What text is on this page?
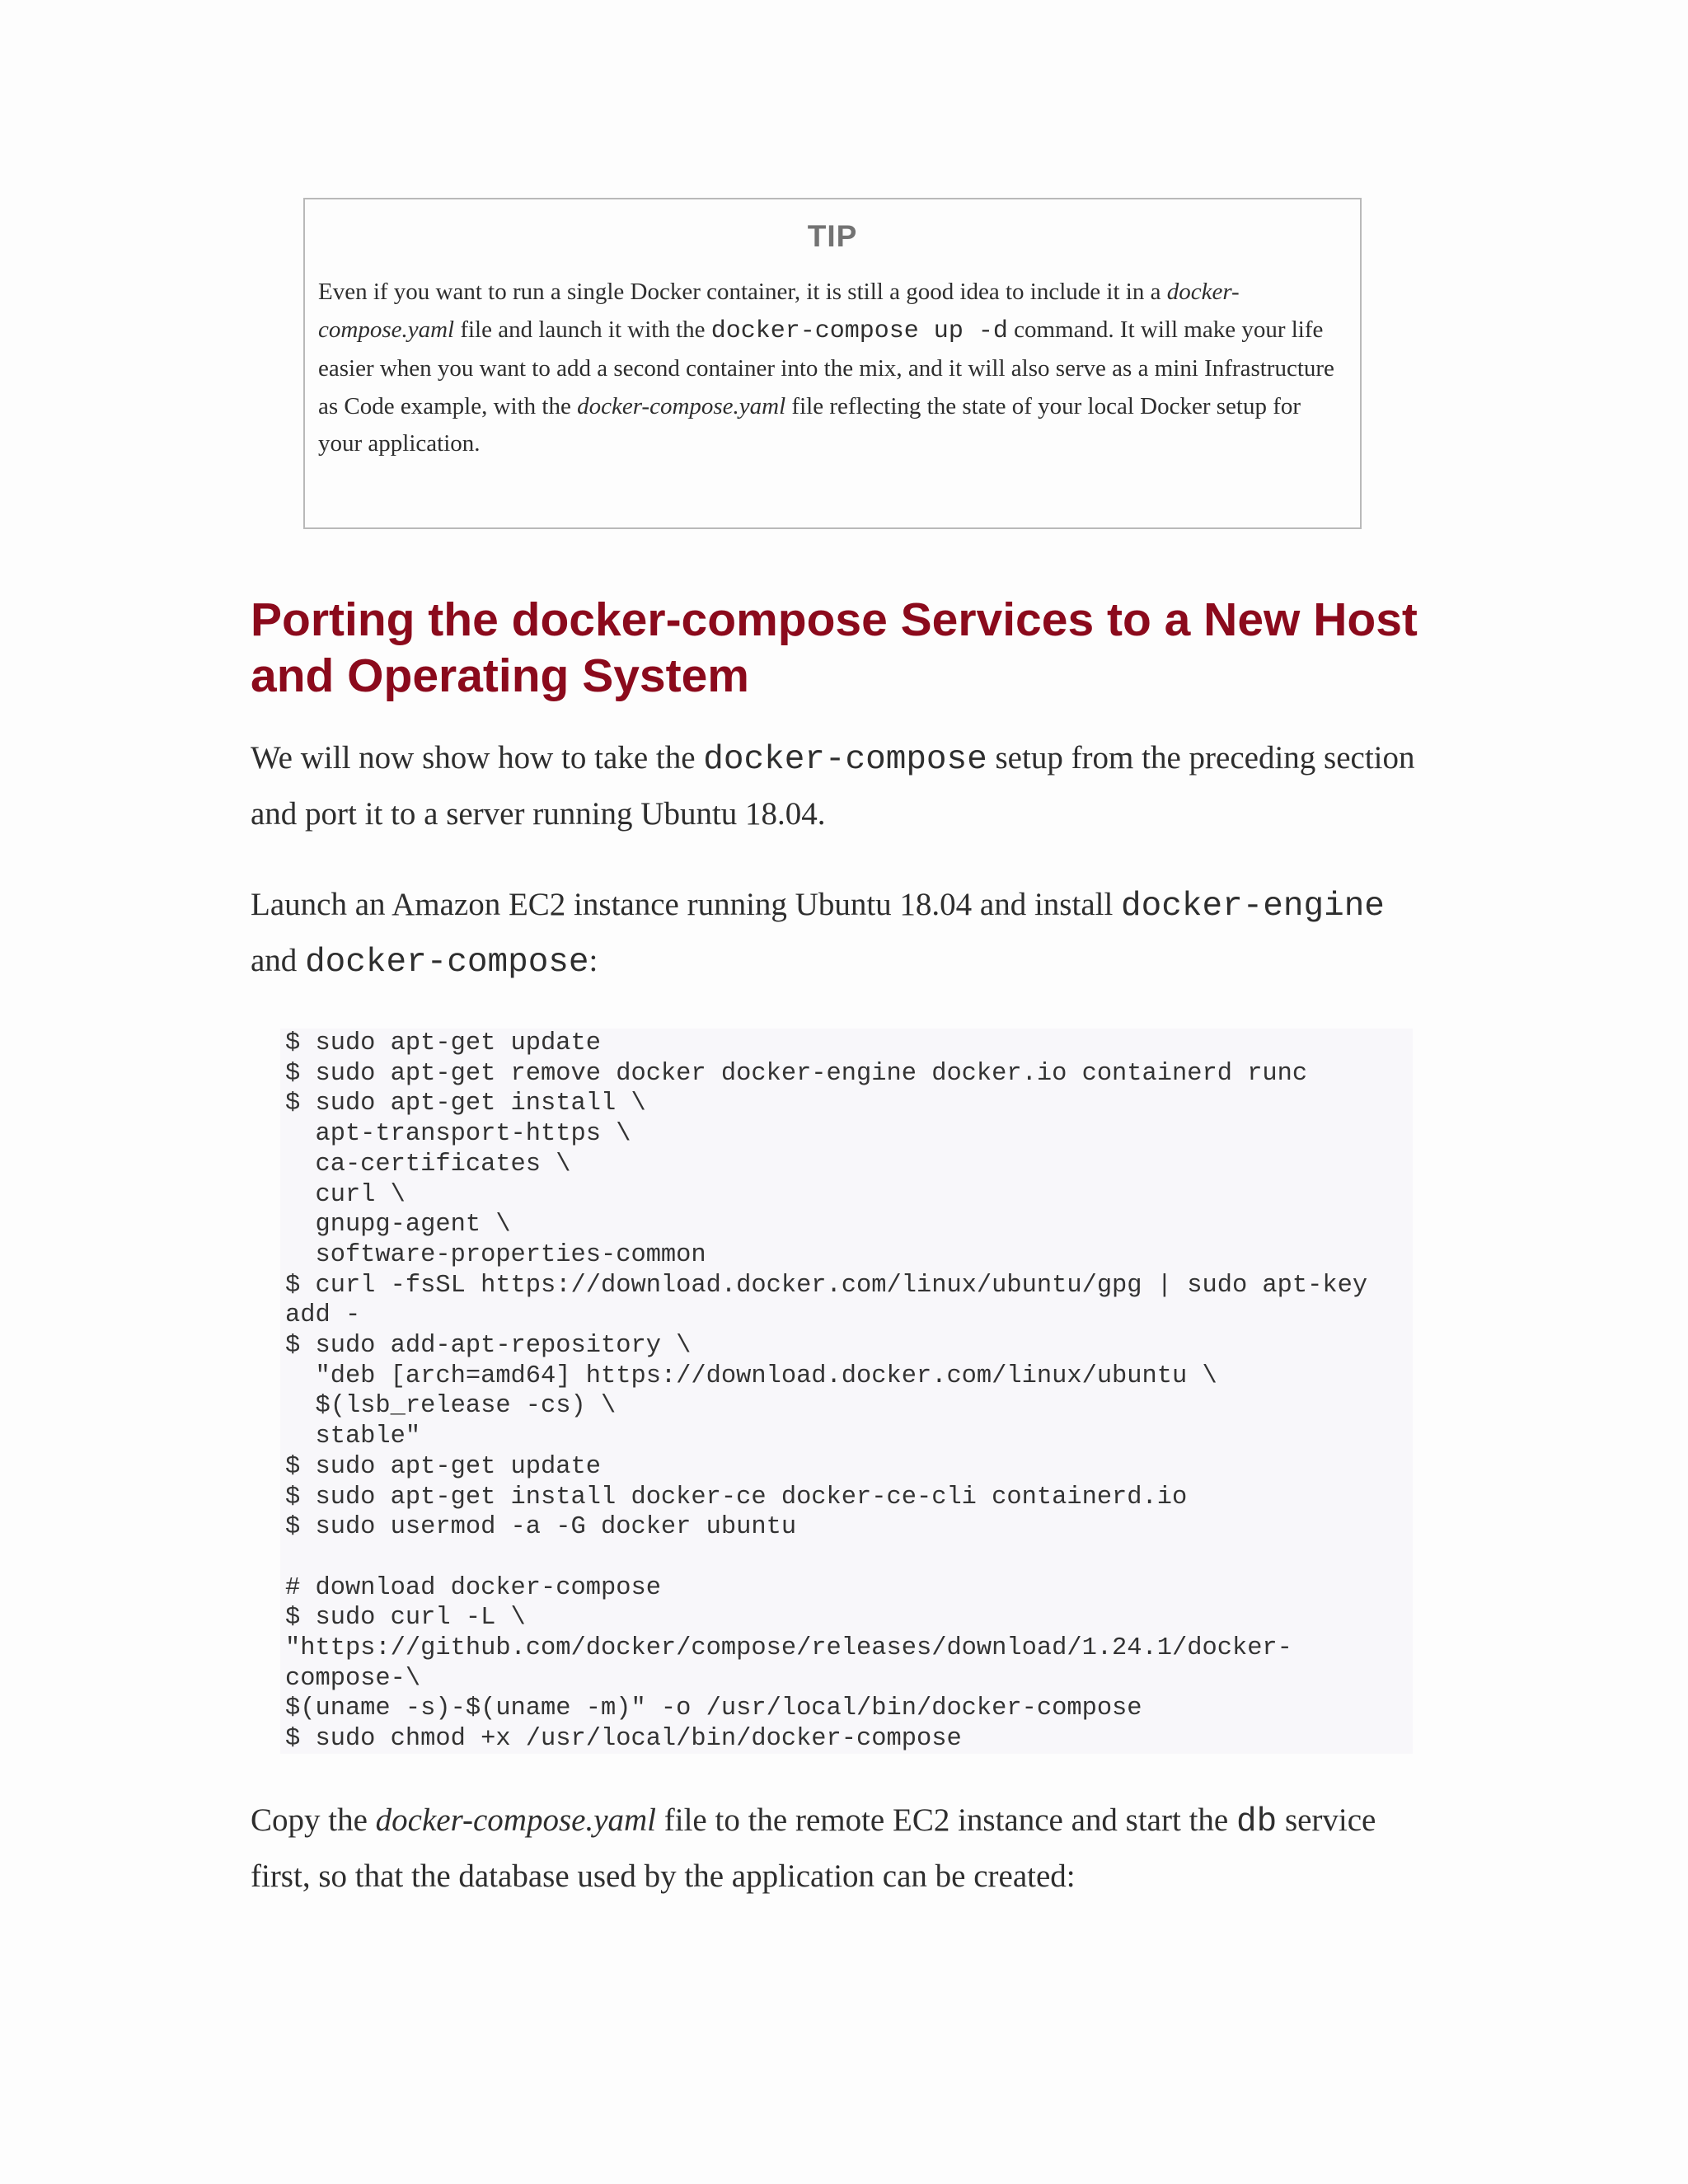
TIP
Even if you want to run a single Docker container, it is still a good idea to include it in a docker-compose.yaml file and launch it with the docker-compose up -d command. It will make your life easier when you want to add a second container into the mix, and it will also serve as a mini Infrastructure as Code example, with the docker-compose.yaml file reflecting the state of your local Docker setup for your application.
Porting the docker-compose Services to a New Host and Operating System

We will now show how to take the docker-compose setup from the preceding section and port it to a server running Ubuntu 18.04.

Launch an Amazon EC2 instance running Ubuntu 18.04 and install docker-engine and docker-compose:

$ sudo apt-get update
$ sudo apt-get remove docker docker-engine docker.io containerd runc
$ sudo apt-get install \
apt-transport-https \
ca-certificates \
curl \
gnupg-agent \
software-properties-common
$ curl -fsSL https://download.docker.com/linux/ubuntu/gpg | sudo apt-key
add -
$ sudo add-apt-repository \
"deb [arch=amd64] https://download.docker.com/linux/ubuntu \
$(lsb_release -cs) \
stable"
$ sudo apt-get update
$ sudo apt-get install docker-ce docker-ce-cli containerd.io
$ sudo usermod -a -G docker ubuntu

# download docker-compose
$ sudo curl -L \
"https://github.com/docker/compose/releases/download/1.24.1/docker-
compose-\
$(uname -s)-$(uname -m)" -o /usr/local/bin/docker-compose
$ sudo chmod +x /usr/local/bin/docker-compose

Copy the docker-compose.yaml file to the remote EC2 instance and start the db service first, so that the database used by the application can be created:
